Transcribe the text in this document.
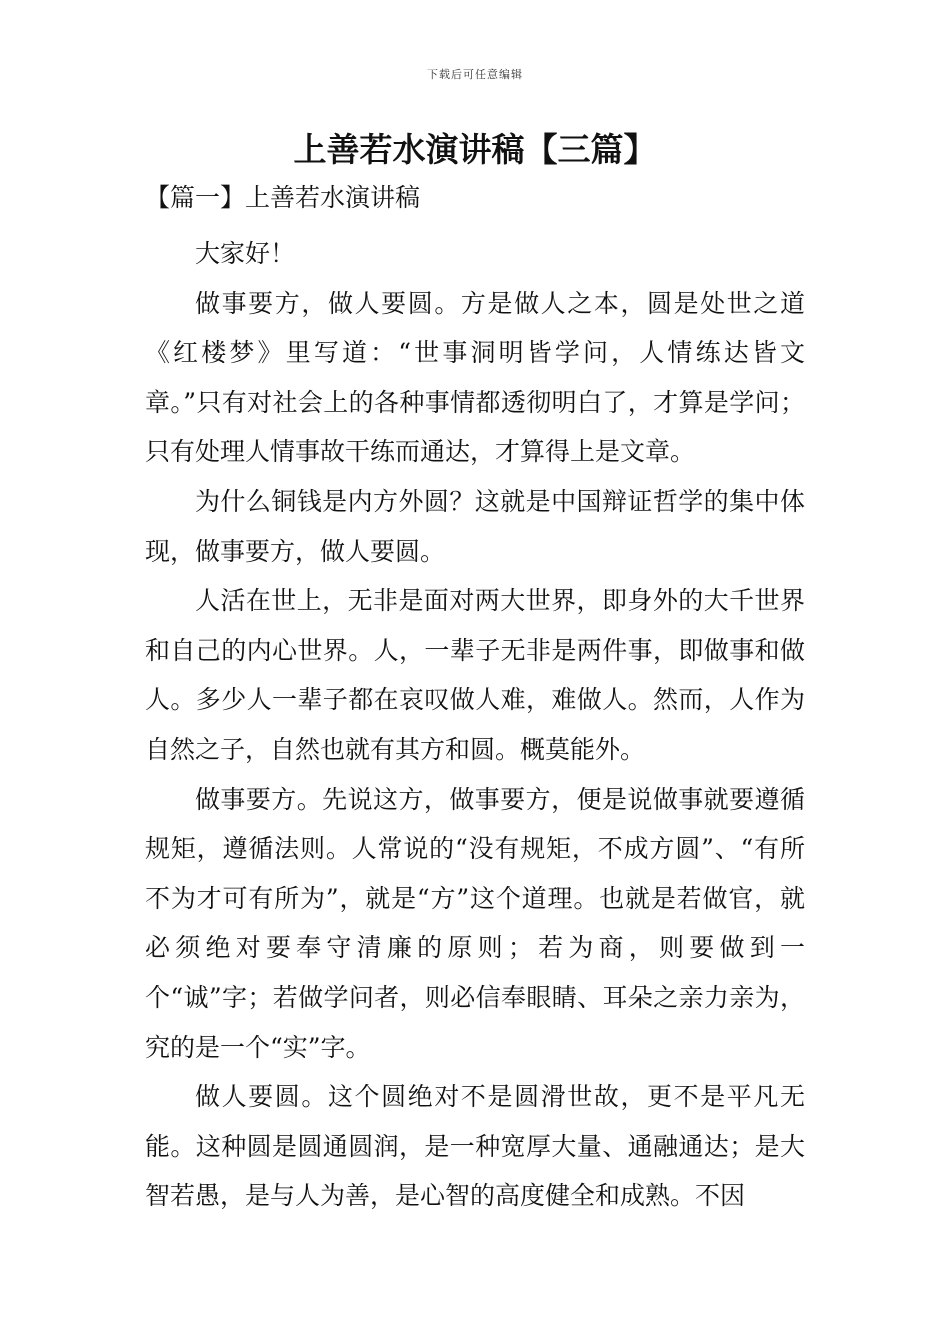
下载后可任意编辑
上善若水演讲稿【三篇】
【篇一】上善若水演讲稿

大家好！

做事要方，做人要圆。方是做人之本，圆是处世之道《红楼梦》里写道：“世事洞明皆学问，人情练达皆文章。”只有对社会上的各种事情都透彻明白了，才算是学问；只有处理人情事故干练而通达，才算得上是文章。

为什么铜钱是内方外圆？这就是中国辩证哲学的集中体现，做事要方，做人要圆。

人活在世上，无非是面对两大世界，即身外的大千世界和自己的内心世界。人，一辈子无非是两件事，即做事和做人。多少人一辈子都在哀叹做人难，难做人。然而，人作为自然之子，自然也就有其方和圆。概莫能外。

做事要方。先说这方，做事要方，便是说做事就要遵循规矩，遵循法则。人常说的“没有规矩，不成方圆”、“有所不为才可有所为”，就是“方”这个道理。也就是若做官，就必须绝对要奉守清廉的原则；若为商，则要做到一个“诚”字；若做学问者，则必信奉眼睛、耳朵之亲力亲为，究的是一个“实”字。

做人要圆。这个圆绝对不是圆滑世故，更不是平凡无能。这种圆是圆通圆润，是一种宽厚大量、通融通达；是大智若愚，是与人为善，是心智的高度健全和成熟。不因
